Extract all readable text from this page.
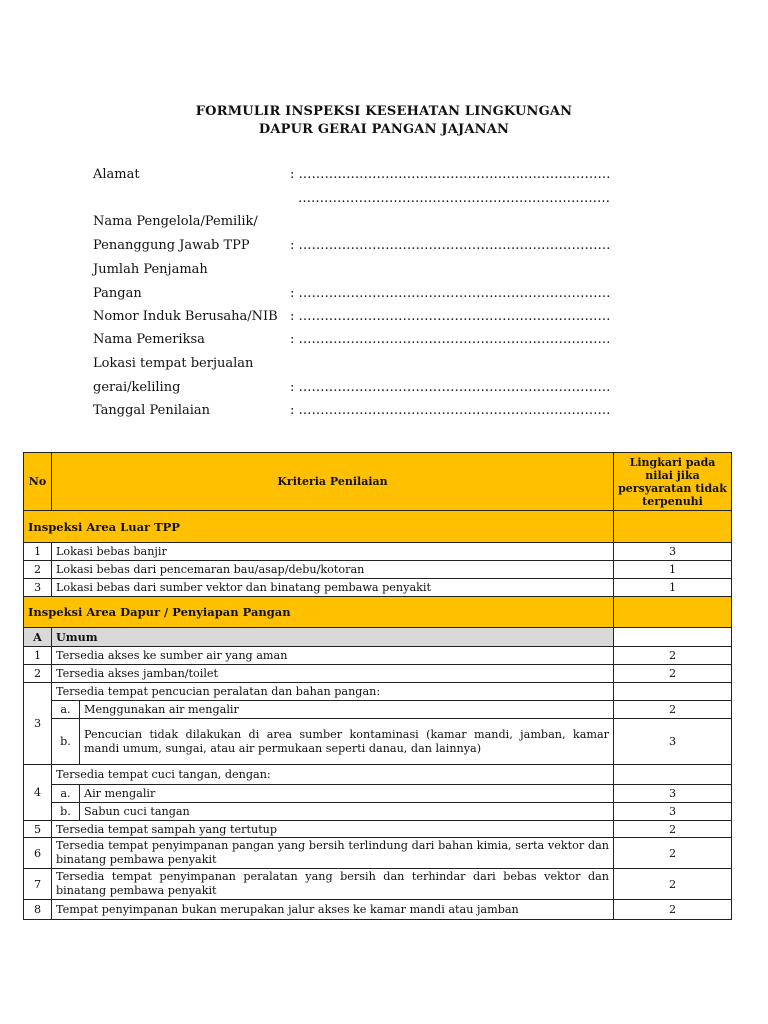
FORMULIR INSPEKSI KESEHATAN LINGKUNGAN
DAPUR GERAI PANGAN JAJANAN
Alamat	: ………………………………………………………………
………………………………………………………………
Nama Pengelola/Pemilik/
Penanggung Jawab TPP	: ………………………………………………………………
Jumlah Penjamah
Pangan	: ………………………………………………………………
Nomor Induk Berusaha/NIB : ………………………………………………………………
Nama Pemeriksa	: ………………………………………………………………
Lokasi tempat berjualan
gerai/keliling	: ………………………………………………………………
Tanggal Penilaian	: ………………………………………………………………
No	Kriteria Penilaian		Lingkari pada nilai jika persyaratan tidak terpenuhi
Inspeksi Area Luar TPP			
1	Lokasi bebas banjir		3
2	Lokasi bebas dari pencemaran bau/asap/debu/kotoran		1
3	Lokasi bebas dari sumber vektor dan binatang pembawa penyakit		1
Inspeksi Area Dapur / Penyiapan Pangan			
A	Umum		
1	Tersedia akses ke sumber air yang aman		2
2	Tersedia akses jamban/toilet		2
3	Tersedia tempat pencucian peralatan dan bahan pangan:		
	a.	Menggunakan air mengalir	2
	b.	Pencucian tidak dilakukan di area sumber kontaminasi (kamar mandi, jamban, kamar mandi umum, sungai, atau air permukaan seperti danau, dan lainnya)	3
4	Tersedia tempat cuci tangan, dengan:		
	a.	Air mengalir	3
	b.	Sabun cuci tangan	3
5	Tersedia tempat sampah yang tertutup		2
6	Tersedia tempat penyimpanan pangan yang bersih terlindung dari bahan kimia, serta vektor dan binatang pembawa penyakit		2
7	Tersedia tempat penyimpanan peralatan yang bersih dan terhindar dari bebas vektor dan binatang pembawa penyakit		2
8	Tempat penyimpanan bukan merupakan jalur akses ke kamar mandi atau jamban		2
